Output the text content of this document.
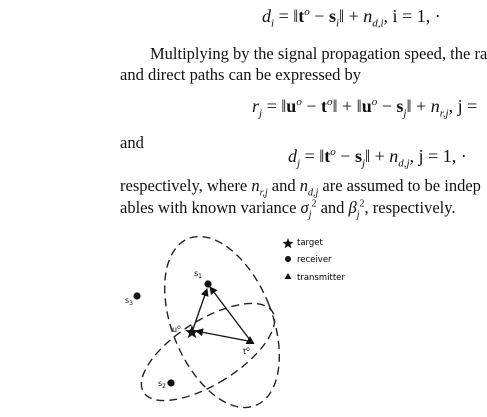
$d_i$ = $‖t^o$ − $s_i‖ + n_{d,i}$, i = 1, ·
Multiplying by the signal propagation speed, the ra
and direct paths can be expressed by
$r_j$ = $‖u^o$ − $t^o‖$ + $‖u^o$ − $s_j‖ + n_{r,j}$, j =
and
$d_j$ = $‖t^o$ − $s_j‖ + n_{d,j}$, j = 1, ·
respectively, where $n_{r,j}$ and $n_{d,j}$ are assumed to be indep
ables with known variance $\sigma_j^2$ and $\beta_j^2$, respectively.
$s_1$
$s_2$
$s_3$
$u^o$
$t^o$
target
receiver
transmitter
